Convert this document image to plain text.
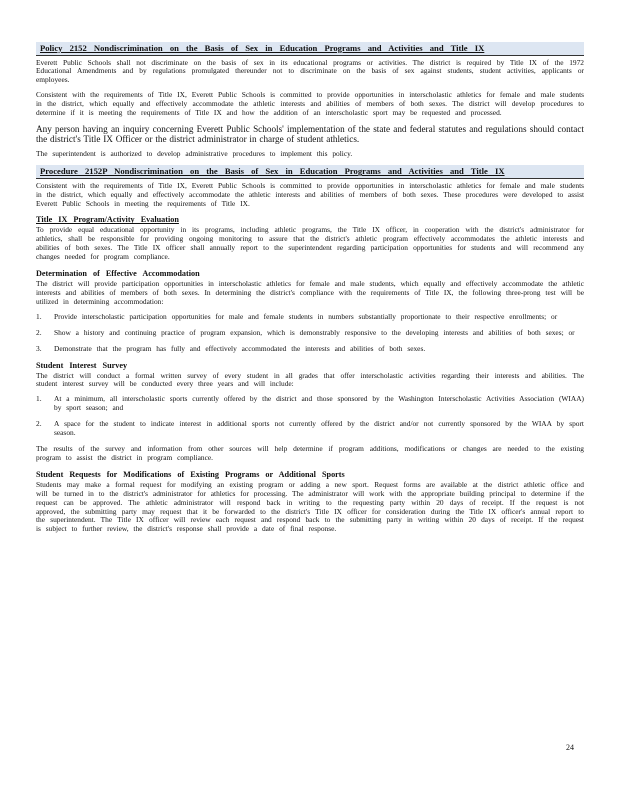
Policy 2152 Nondiscrimination on the Basis of Sex in Education Programs and Activities and Title IX

Everett Public Schools shall not discriminate on the basis of sex in its educational programs or activities. The district is required by Title IX of the 1972 Educational Amendments and by regulations promulgated thereunder not to discriminate on the basis of sex against students, student activities, applicants or employees.

Consistent with the requirements of Title IX, Everett Public Schools is committed to provide opportunities in interscholastic athletics for female and male students in the district, which equally and effectively accommodate the athletic interests and abilities of members of both sexes. The district will develop procedures to determine if it is meeting the requirements of Title IX and how the addition of an interscholastic sport may be requested and processed.

Any person having an inquiry concerning Everett Public Schools' implementation of the state and federal statutes and regulations should contact the district's Title IX Officer or the district administrator in charge of student athletics.

The superintendent is authorized to develop administrative procedures to implement this policy.

Procedure 2152P Nondiscrimination on the Basis of Sex in Education Programs and Activities and Title IX

Consistent with the requirements of Title IX, Everett Public Schools is committed to provide opportunities in interscholastic athletics for female and male students in the district, which equally and effectively accommodate the athletic interests and abilities of members of both sexes. These procedures were developed to assist Everett Public Schools in meeting the requirements of Title IX.

Title IX Program/Activity Evaluation

To provide equal educational opportunity in its programs, including athletic programs, the Title IX officer, in cooperation with the district's administrator for athletics, shall be responsible for providing ongoing monitoring to assure that the district's athletic program effectively accommodates the athletic interests and abilities of both sexes. The Title IX officer shall annually report to the superintendent regarding participation opportunities for students and will recommend any changes needed for program compliance.

Determination of Effective Accommodation

The district will provide participation opportunities in interscholastic athletics for female and male students, which equally and effectively accommodate the athletic interests and abilities of members of both sexes. In determining the district's compliance with the requirements of Title IX, the following three-prong test will be utilized in determining accommodation:

1. Provide interscholastic participation opportunities for male and female students in numbers substantially proportionate to their respective enrollments; or
2. Show a history and continuing practice of program expansion, which is demonstrably responsive to the developing interests and abilities of both sexes; or
3. Demonstrate that the program has fully and effectively accommodated the interests and abilities of both sexes.
Student Interest Survey

The district will conduct a formal written survey of every student in all grades that offer interscholastic activities regarding their interests and abilities. The student interest survey will be conducted every three years and will include:

1. At a minimum, all interscholastic sports currently offered by the district and those sponsored by the Washington Interscholastic Activities Association (WIAA) by sport season; and
2. A space for the student to indicate interest in additional sports not currently offered by the district and/or not currently sponsored by the WIAA by sport season.

The results of the survey and information from other sources will help determine if program additions, modifications or changes are needed to the existing program to assist the district in program compliance.

Student Requests for Modifications of Existing Programs or Additional Sports

Students may make a formal request for modifying an existing program or adding a new sport. Request forms are available at the district athletic office and will be turned in to the district's administrator for athletics for processing. The administrator will work with the appropriate building principal to determine if the request can be approved. The athletic administrator will respond back in writing to the requesting party within 20 days of receipt. If the request is not approved, the submitting party may request that it be forwarded to the district's Title IX officer for consideration during the Title IX officer's annual report to the superintendent. The Title IX officer will review each request and respond back to the submitting party in writing within 20 days of receipt. If the request is subject to further review, the district's response shall provide a date of final response.

24
